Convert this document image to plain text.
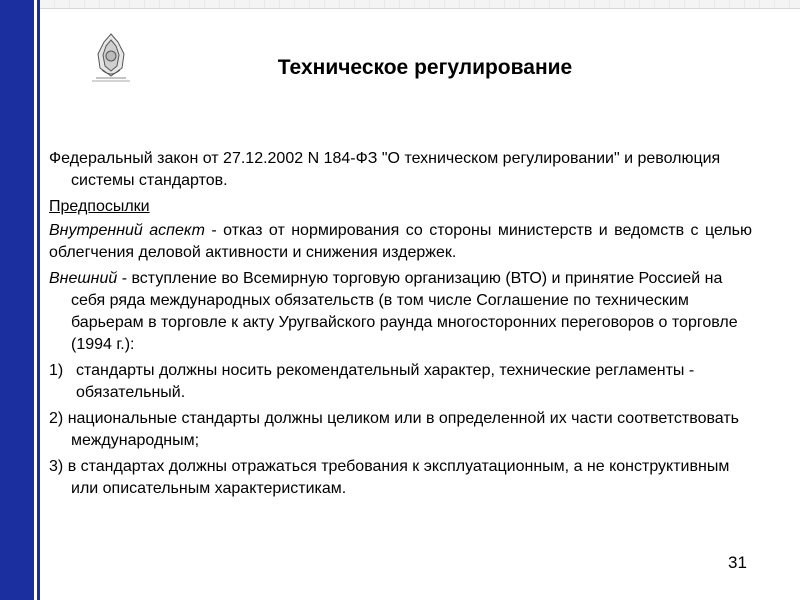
Техническое регулирование

Федеральный закон от 27.12.2002 N 184-ФЗ "О техническом регулировании" и революция системы стандартов.

Предпосылки

Внутренний аспект - отказ от нормирования со стороны министерств и ведомств с целью облегчения деловой активности и снижения издержек.

Внешний - вступление во Всемирную торговую организацию (ВТО) и принятие Россией на себя ряда международных обязательств (в том числе Соглашение по техническим барьерам в торговле к акту Уругвайского раунда многосторонних переговоров о торговле (1994 г.):

1) стандарты должны носить рекомендательный характер, технические регламенты - обязательный.

2) национальные стандарты должны целиком или в определенной их части соответствовать международным;

3) в стандартах должны отражаться требования к эксплуатационным, а не конструктивным или описательным характеристикам.

31
